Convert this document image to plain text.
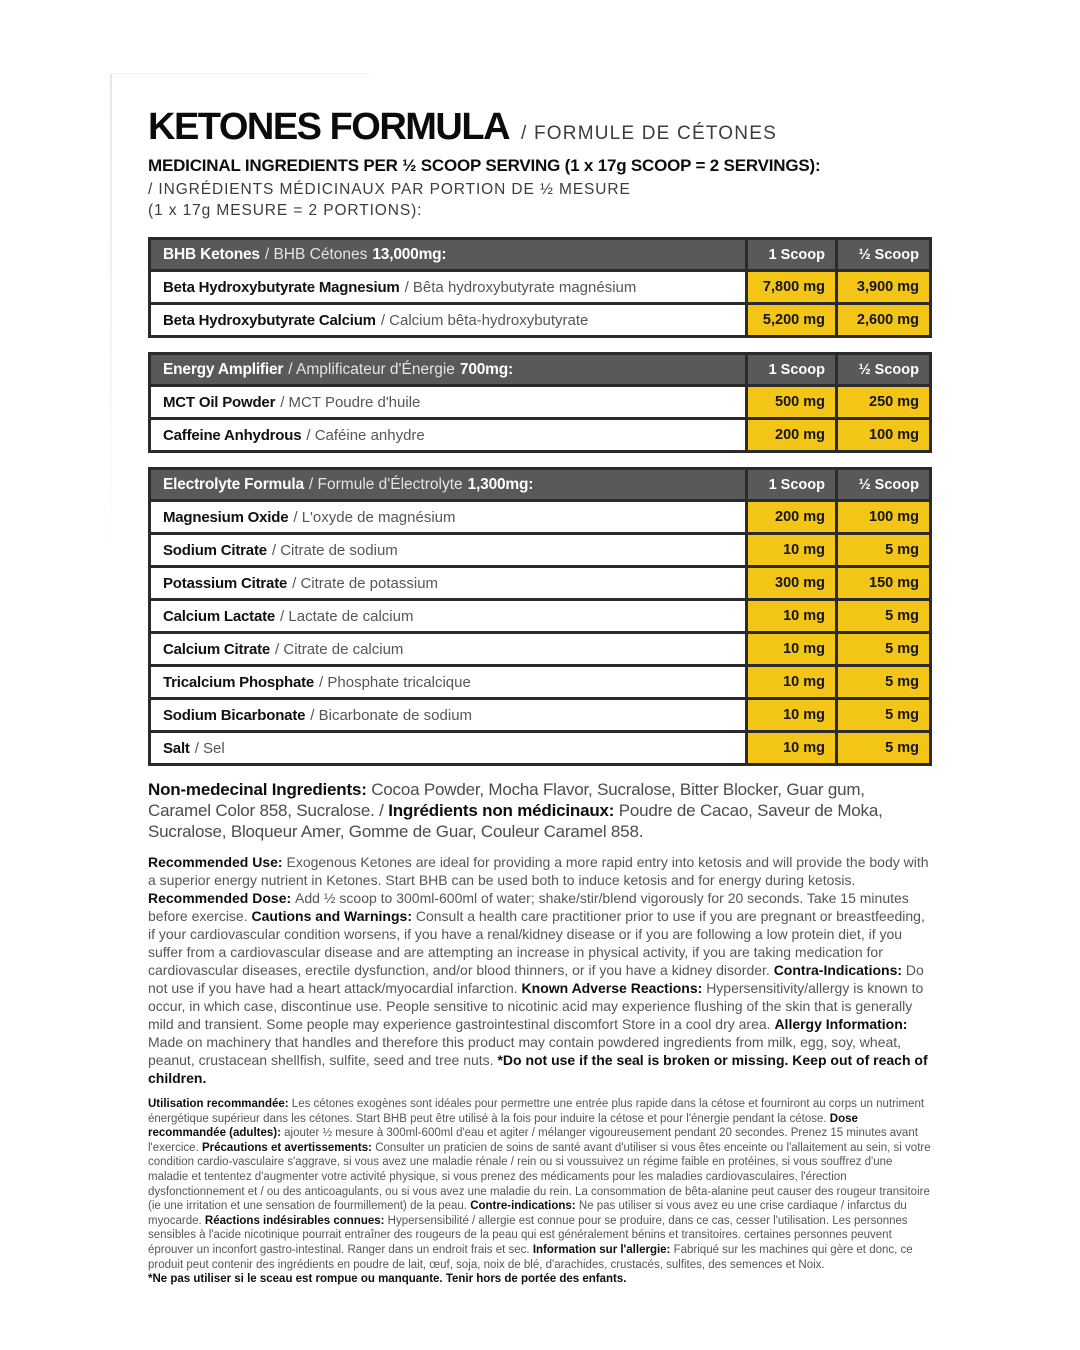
KETONES FORMULA / FORMULE DE CÉTONES
MEDICINAL INGREDIENTS PER ½ SCOOP SERVING (1 x 17g SCOOP = 2 SERVINGS):
/ INGRÉDIENTS MÉDICINAUX PAR PORTION DE ½ MESURE
(1 x 17g MESURE = 2 PORTIONS):
BHB Ketones / BHB Cétones 13,000mg:	1 Scoop	½ Scoop
Beta Hydroxybutyrate Magnesium / Bêta hydroxybutyrate magnésium	7,800 mg	3,900 mg
Beta Hydroxybutyrate Calcium / Calcium bêta-hydroxybutyrate	5,200 mg	2,600 mg
Energy Amplifier / Amplificateur d'Énergie 700mg:	1 Scoop	½ Scoop
MCT Oil Powder / MCT Poudre d'huile	500 mg	250 mg
Caffeine Anhydrous / Caféine anhydre	200 mg	100 mg
Electrolyte Formula / Formule d'Électrolyte 1,300mg:	1 Scoop	½ Scoop
Magnesium Oxide / L'oxyde de magnésium	200 mg	100 mg
Sodium Citrate / Citrate de sodium	10 mg	5 mg
Potassium Citrate / Citrate de potassium	300 mg	150 mg
Calcium Lactate / Lactate de calcium	10 mg	5 mg
Calcium Citrate / Citrate de calcium	10 mg	5 mg
Tricalcium Phosphate / Phosphate tricalcique	10 mg	5 mg
Sodium Bicarbonate / Bicarbonate de sodium	10 mg	5 mg
Salt / Sel	10 mg	5 mg

Non-medecinal Ingredients: Cocoa Powder, Mocha Flavor, Sucralose, Bitter Blocker, Guar gum, Caramel Color 858, Sucralose. / Ingrédients non médicinaux: Poudre de Cacao, Saveur de Moka, Sucralose, Bloqueur Amer, Gomme de Guar, Couleur Caramel 858.

Recommended Use: Exogenous Ketones are ideal for providing a more rapid entry into ketosis and will provide the body with a superior energy nutrient in Ketones. Start BHB can be used both to induce ketosis and for energy during ketosis. Recommended Dose: Add ½ scoop to 300ml-600ml of water; shake/stir/blend vigorously for 20 seconds. Take 15 minutes before exercise. Cautions and Warnings: Consult a health care practitioner prior to use if you are pregnant or breastfeeding, if your cardiovascular condition worsens, if you have a renal/kidney disease or if you are following a low protein diet, if you suffer from a cardiovascular disease and are attempting an increase in physical activity, if you are taking medication for cardiovascular diseases, erectile dysfunction, and/or blood thinners, or if you have a kidney disorder. Contra-Indications: Do not use if you have had a heart attack/myocardial infarction. Known Adverse Reactions: Hypersensitivity/allergy is known to occur, in which case, discontinue use. People sensitive to nicotinic acid may experience flushing of the skin that is generally mild and transient. Some people may experience gastrointestinal discomfort Store in a cool dry area. Allergy Information: Made on machinery that handles and therefore this product may contain powdered ingredients from milk, egg, soy, wheat, peanut, crustacean shellfish, sulfite, seed and tree nuts. *Do not use if the seal is broken or missing. Keep out of reach of children.

Utilisation recommandée: Les cétones exogènes sont idéales pour permettre une entrée plus rapide dans la cétose et fourniront au corps un nutriment énergétique supérieur dans les cétones. Start BHB peut être utilisé à la fois pour induire la cétose et pour l'énergie pendant la cétose. Dose recommandée (adultes): ajouter ½ mesure à 300ml-600ml d'eau et agiter / mélanger vigoureusement pendant 20 secondes. Prenez 15 minutes avant l'exercice. Précautions et avertissements: Consulter un praticien de soins de santé avant d'utiliser si vous êtes enceinte ou l'allaitement au sein, si votre condition cardio-vasculaire s'aggrave, si vous avez une maladie rénale / rein ou si voussuivez un régime faible en protéines, si vous souffrez d'une maladie et tententez d'augmenter votre activité physique, si vous prenez des médicaments pour les maladies cardiovasculaires, l'érection dysfonctionnement et / ou des anticoagulants, ou si vous avez une maladie du rein. La consommation de bêta-alanine peut causer des rougeur transitoire (ie une irritation et une sensation de fourmillement) de la peau. Contre-indications: Ne pas utiliser si vous avez eu une crise cardiaque / infarctus du myocarde. Réactions indésirables connues: Hypersensibilité / allergie est connue pour se produire, dans ce cas, cesser l'utilisation. Les personnes sensibles à l'acide nicotinique pourrait entraîner des rougeurs de la peau qui est généralement bénins et transitoires. certaines personnes peuvent éprouver un inconfort gastro-intestinal. Ranger dans un endroit frais et sec. Information sur l'allergie: Fabriqué sur les machines qui gère et donc, ce produit peut contenir des ingrédients en poudre de lait, œuf, soja, noix de blé, d'arachides, crustacés, sulfites, des semences et Noix.
*Ne pas utiliser si le sceau est rompue ou manquante. Tenir hors de portée des enfants.
